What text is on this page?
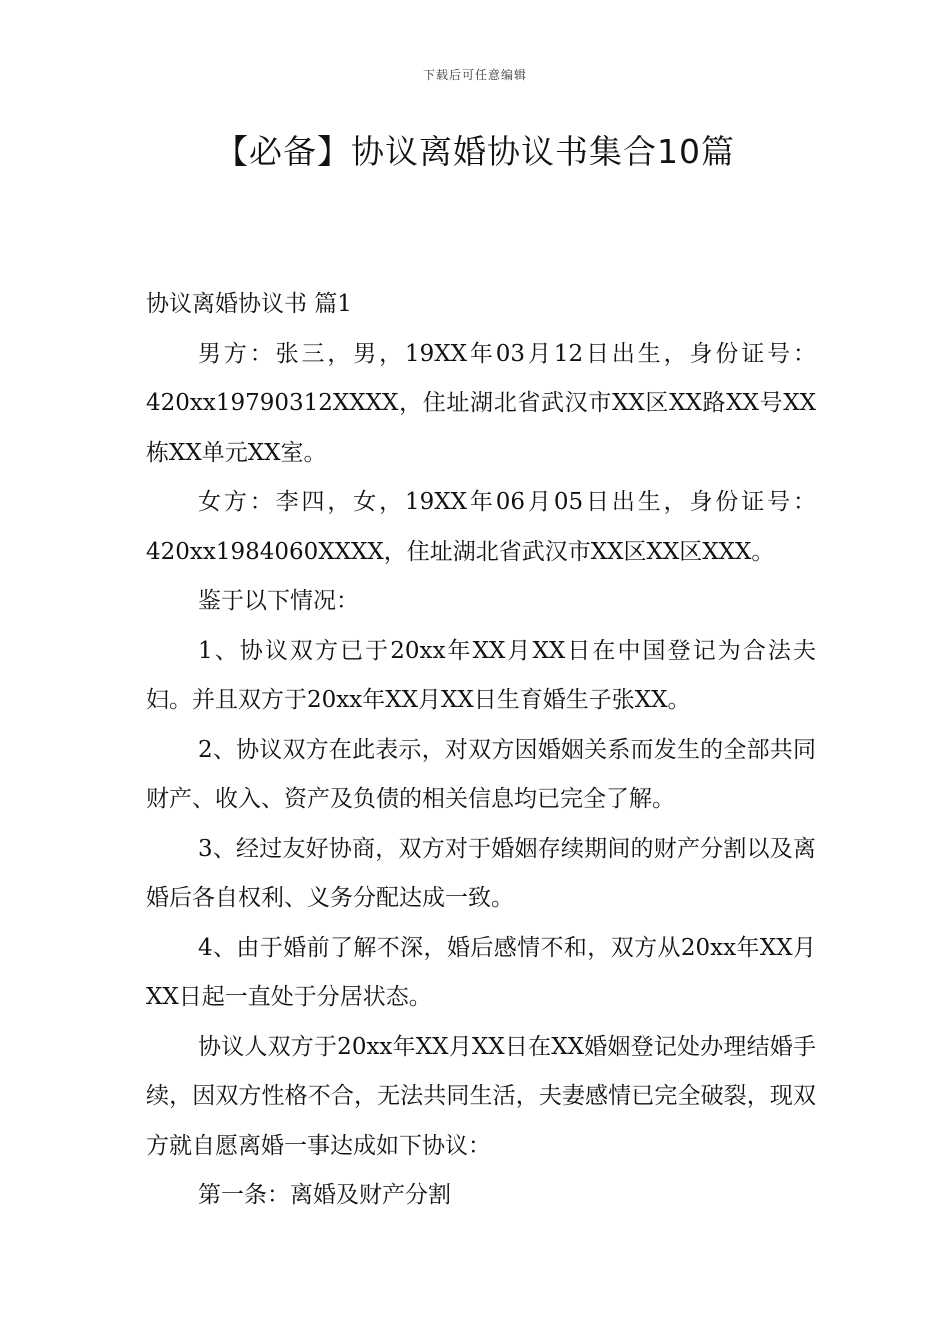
下载后可任意编辑
【必备】协议离婚协议书集合10篇

协议离婚协议书 篇1

男方：张三，男，19XX年03月12日出生，身份证号：420xx19790312XXXX，住址湖北省武汉市XX区XX路XX号XX栋XX单元XX室。

女方：李四，女，19XX年06月05日出生，身份证号：420xx1984060XXXX，住址湖北省武汉市XX区XX区XXX。

鉴于以下情况：

1、协议双方已于20xx年XX月XX日在中国登记为合法夫妇。并且双方于20xx年XX月XX日生育婚生子张XX。

2、协议双方在此表示，对双方因婚姻关系而发生的全部共同财产、收入、资产及负债的相关信息均已完全了解。

3、经过友好协商，双方对于婚姻存续期间的财产分割以及离婚后各自权利、义务分配达成一致。

4、由于婚前了解不深，婚后感情不和，双方从20xx年XX月XX日起一直处于分居状态。

协议人双方于20xx年XX月XX日在XX婚姻登记处办理结婚手续，因双方性格不合，无法共同生活，夫妻感情已完全破裂，现双方就自愿离婚一事达成如下协议：

第一条：离婚及财产分割
